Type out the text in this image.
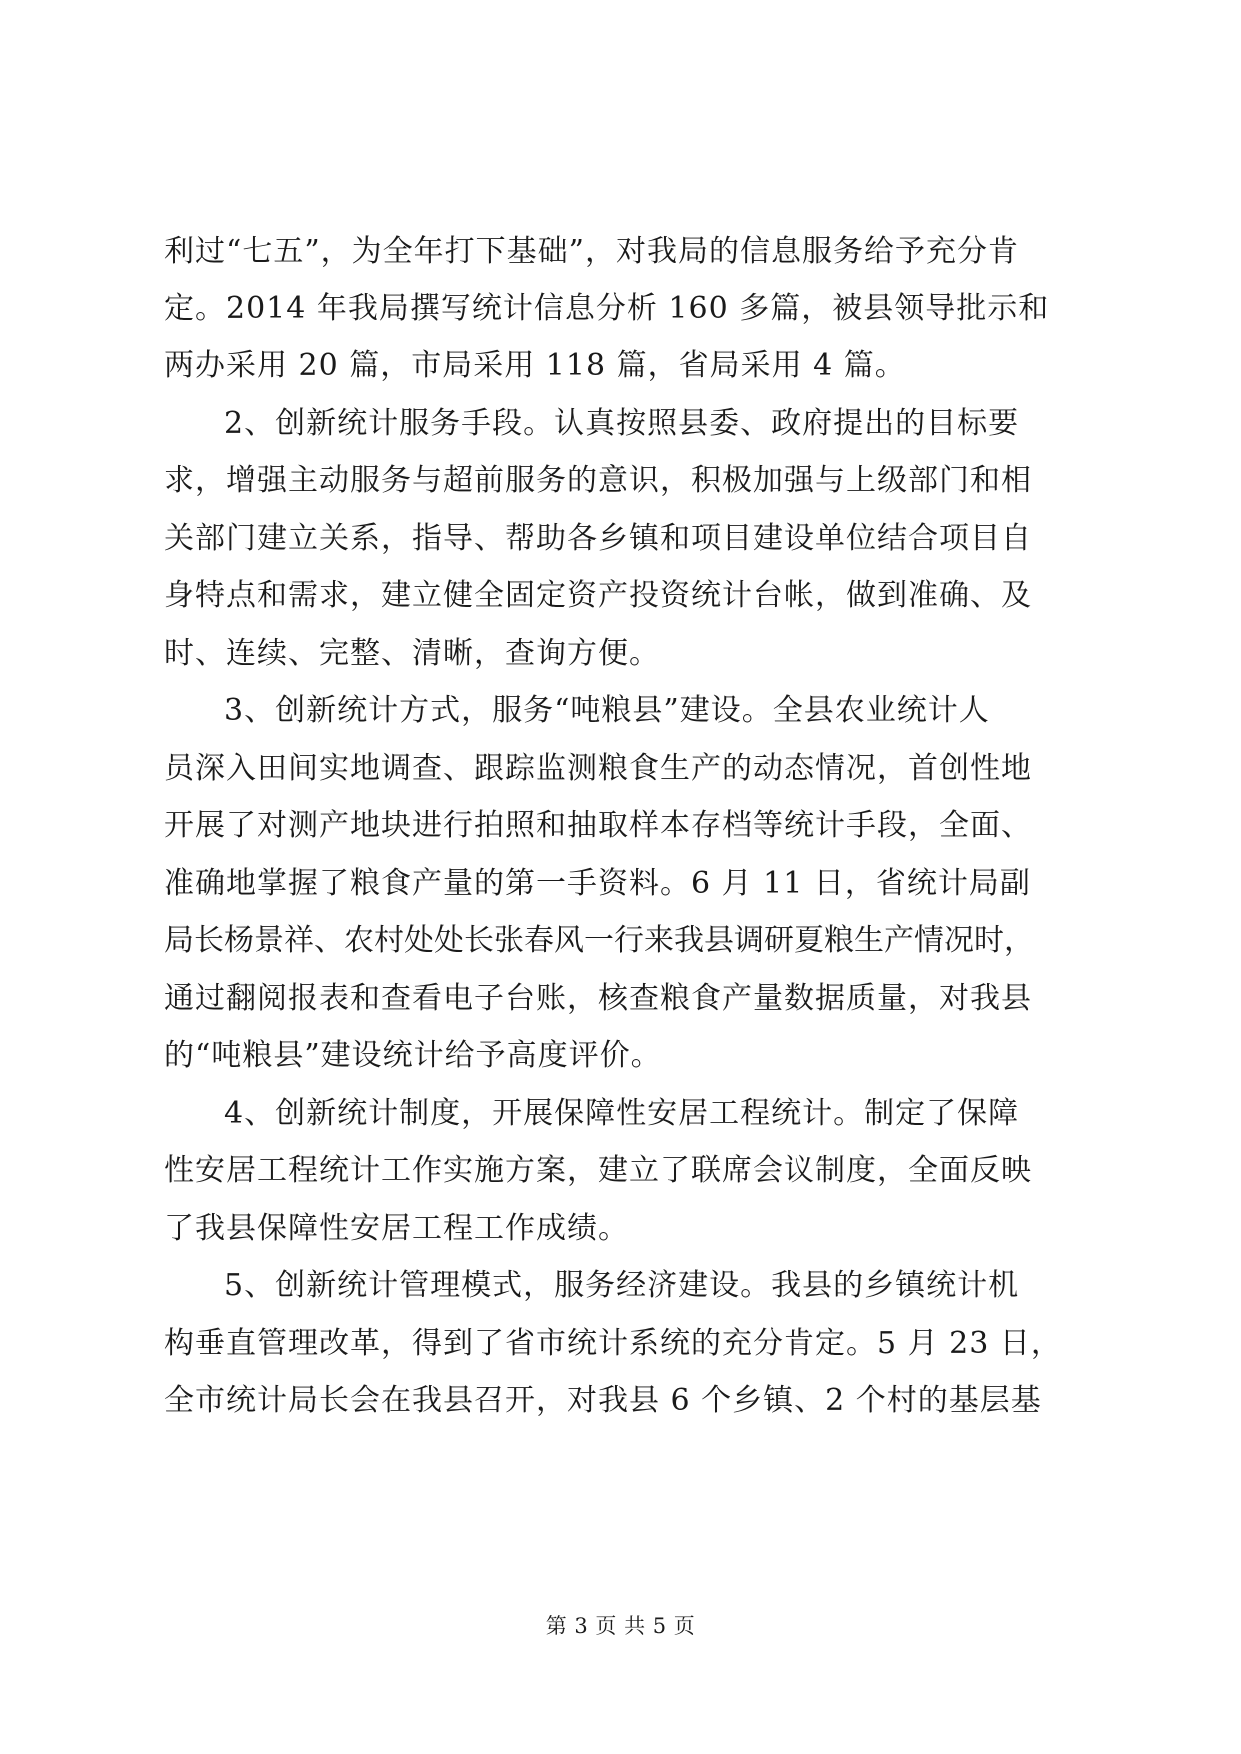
利过“七五”，为全年打下基础”，对我局的信息服务给予充分肯
定。2014 年我局撰写统计信息分析 160 多篇，被县领导批示和
两办采用 20 篇，市局采用 118 篇，省局采用 4 篇。
2、创新统计服务手段。认真按照县委、政府提出的目标要
求，增强主动服务与超前服务的意识，积极加强与上级部门和相
关部门建立关系，指导、帮助各乡镇和项目建设单位结合项目自
身特点和需求，建立健全固定资产投资统计台帐，做到准确、及
时、连续、完整、清晰，查询方便。
3、创新统计方式，服务“吨粮县”建设。全县农业统计人
员深入田间实地调查、跟踪监测粮食生产的动态情况，首创性地
开展了对测产地块进行拍照和抽取样本存档等统计手段，全面、
准确地掌握了粮食产量的第一手资料。6 月 11 日，省统计局副
局长杨景祥、农村处处长张春风一行来我县调研夏粮生产情况时，
通过翻阅报表和查看电子台账，核查粮食产量数据质量，对我县
的“吨粮县”建设统计给予高度评价。
4、创新统计制度，开展保障性安居工程统计。制定了保障
性安居工程统计工作实施方案，建立了联席会议制度，全面反映
了我县保障性安居工程工作成绩。
5、创新统计管理模式，服务经济建设。我县的乡镇统计机
构垂直管理改革，得到了省市统计系统的充分肯定。5 月 23 日，
全市统计局长会在我县召开，对我县 6 个乡镇、2 个村的基层基
第 3 页 共 5 页
